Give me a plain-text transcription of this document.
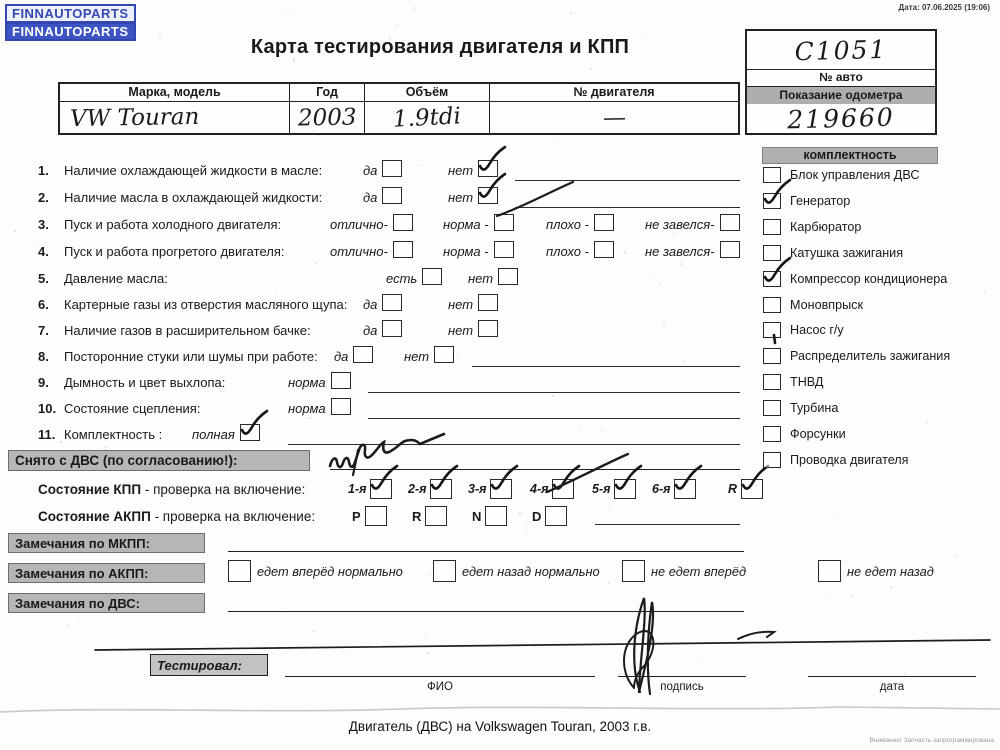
FINNAUTOPARTS
FINNAUTOPARTS
Дата: 07.06.2025 (19:06)
Карта тестирования двигателя и КПП	C1051
№ авто
Показание одометра
219660
Марка, модель	Год	Объём	№ двигателя
VW Touran	2003 1.9tdi	—
1. Наличие охлаждающей жидкости в масле:	да	нет
2. Наличие масла в охлаждающей жидкости:	да	нет
3. Пуск и работа холодного двигателя:	отлично-	норма -	плохо -	не завелся-
4. Пуск и работа прогретого двигателя:	отлично-	норма -	плохо -	не завелся-
5. Давление масла:	есть	нет
6. Картерные газы из отверстия масляного щупа: да	нет
7. Наличие газов в расширительном бачке:	да	нет
8. Посторонние стуки или шумы при работе: да	нет
9. Дымность и цвет выхлопа:	норма
10. Состояние сцепления:	норма
11. Комплектность : полная
Снято с ДВС (по согласованию!):
Состояние КПП - проверка на включение:	1-я	2-я	3-я	4-я	5-я	6-я	R
Состояние АКПП - проверка на включение:	P	R	N	D
Замечания по МКПП:
Замечания по АКПП:	едет вперёд нормально	едет назад нормально	не едет вперёд	не едет назад
Замечания по ДВС:
комплектность
Блок управления ДВС
Генератор
Карбюратор
Катушка зажигания
Компрессор кондиционера
Моновпрыск
Насос г/у
Распределитель зажигания
ТНВД
Турбина
Форсунки
Проводка двигателя
Тестировал:
ФИО	подпись	дата
Двигатель (ДВС) на Volkswagen Touran, 2003 г.в.
Внимание! Запчасть запрограммирована
